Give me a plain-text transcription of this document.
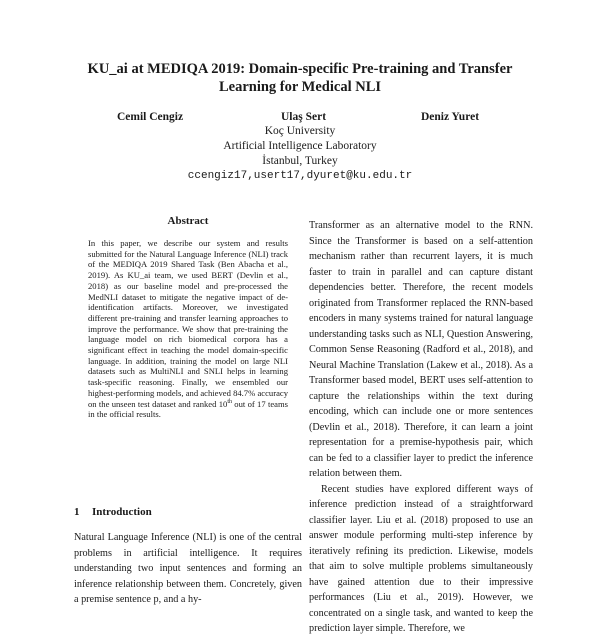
KU_ai at MEDIQA 2019: Domain-specific Pre-training and Transfer
Learning for Medical NLI
Cemil Cengiz	Ulaş Sert	Deniz Yuret
Koç University
Artificial Intelligence Laboratory
İstanbul, Turkey
ccengiz17,usert17,dyuret@ku.edu.tr
Abstract
In this paper, we describe our system and results submitted for the Natural Language Inference (NLI) track of the MEDIQA 2019 Shared Task (Ben Abacha et al., 2019). As KU_ai team, we used BERT (Devlin et al., 2018) as our baseline model and pre-processed the MedNLI dataset to mitigate the negative impact of de-identification artifacts. Moreover, we investigated different pre-training and transfer learning approaches to improve the performance. We show that pre-training the language model on rich biomedical corpora has a significant effect in teaching the model domain-specific language. In addition, training the model on large NLI datasets such as MultiNLI and SNLI helps in learning task-specific reasoning. Finally, we ensembled our highest-performing models, and achieved 84.7% accuracy on the unseen test dataset and ranked 10th out of 17 teams in the official results.
1 Introduction

Natural Language Inference (NLI) is one of the central problems in artificial intelligence. It requires understanding two input sentences and forming an inference relationship between them. Concretely, given a premise sentence p, and a hy-

Transformer as an alternative model to the RNN. Since the Transformer is based on a self-attention mechanism rather than recurrent layers, it is much faster to train in parallel and can capture distant dependencies better. Therefore, the recent models originated from Transformer replaced the RNN-based encoders in many systems trained for natural language understanding tasks such as NLI, Question Answering, Common Sense Reasoning (Radford et al., 2018), and Neural Machine Translation (Lakew et al., 2018). As a Transformer based model, BERT uses self-attention to capture the relationships within the text during encoding, which can include one or more sentences (Devlin et al., 2018). Therefore, it can learn a joint representation for a premise-hypothesis pair, which can be fed to a classifier layer to predict the inference relation between them.

Recent studies have explored different ways of inference prediction instead of a straightforward classifier layer. Liu et al. (2018) proposed to use an answer module performing multi-step inference by iteratively refining its prediction. Likewise, models that aim to solve multiple problems simultaneously have gained attention due to their impressive performances (Liu et al., 2019). However, we concentrated on a single task, and wanted to keep the prediction layer simple. Therefore, we
